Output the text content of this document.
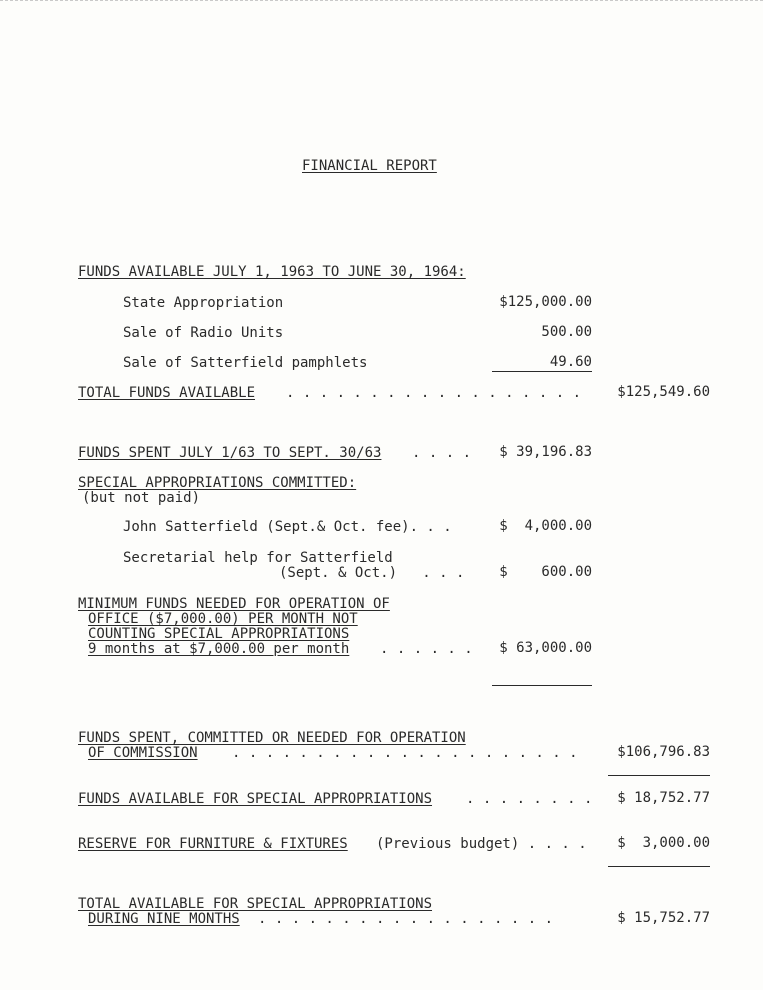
FINANCIAL REPORT
FUNDS AVAILABLE JULY 1, 1963 TO JUNE 30, 1964:
State Appropriation	$125,000.00
Sale of Radio Units	500.00
Sale of Satterfield pamphlets	49.60
TOTAL FUNDS AVAILABLE . . . . . . . . . . . . . . . . . .	$125,549.60
FUNDS SPENT JULY 1/63 TO SEPT. 30/63 . . . .	$ 39,196.83
SPECIAL APPROPRIATIONS COMMITTED:
(but not paid)
John Satterfield (Sept.& Oct. fee). . .	$  4,000.00
Secretarial help for Satterfield
(Sept. & Oct.)   . . .	$    600.00
MINIMUM FUNDS NEEDED FOR OPERATION OF
OFFICE ($7,000.00) PER MONTH NOT
COUNTING SPECIAL APPROPRIATIONS
9 months at $7,000.00 per month . . . . . .	$ 63,000.00
FUNDS SPENT, COMMITTED OR NEEDED FOR OPERATION
OF COMMISSION . . . . . . . . . . . . . . . . . . . . .	$106,796.83
FUNDS AVAILABLE FOR SPECIAL APPROPRIATIONS . . . . . . . .	$ 18,752.77
RESERVE FOR FURNITURE & FIXTURES (Previous budget) . . . .	$  3,000.00
TOTAL AVAILABLE FOR SPECIAL APPROPRIATIONS
DURING NINE MONTHS . . . . . . . . . . . . . . . . . .	$ 15,752.77
